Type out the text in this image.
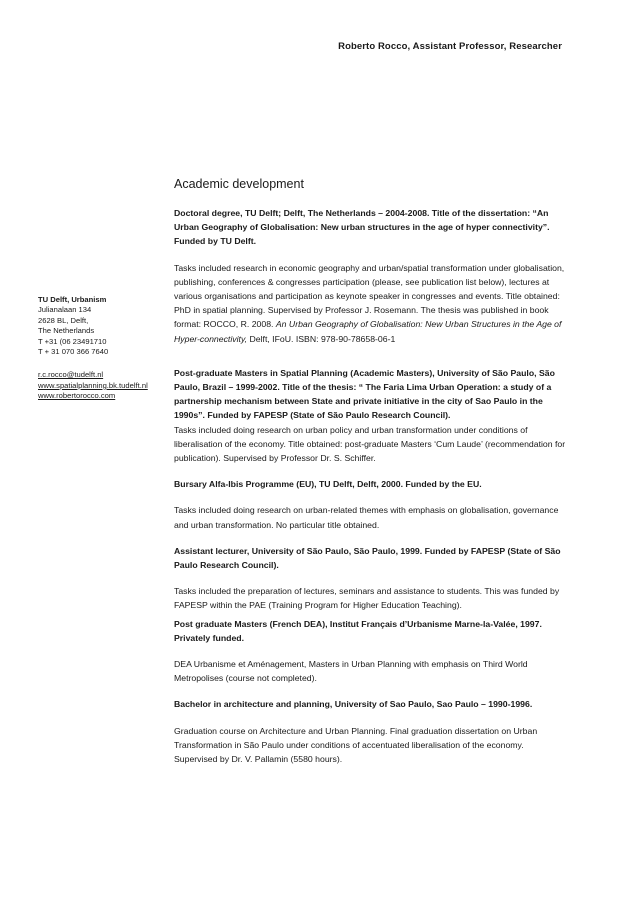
Roberto Rocco, Assistant Professor, Researcher
TU Delft, Urbanism
Julianalaan 134
2628 BL, Delft,
The Netherlands
T +31 (06 23491710
T + 31 070 366 7640
r.c.rocco@tudelft.nl
www.spatialplanning.bk.tudelft.nl
www.robertorocco.com
Academic development

Doctoral degree, TU Delft; Delft, The Netherlands – 2004-2008. Title of the dissertation: “An Urban Geography of Globalisation: New urban structures in the age of hyper connectivity”. Funded by TU Delft.

Tasks included research in economic geography and urban/spatial transformation under globalisation, publishing, conferences & congresses participation (please, see publication list below), lectures at various organisations and participation as keynote speaker in congresses and events. Title obtained: PhD in spatial planning. Supervised by Professor J. Rosemann. The thesis was published in book format: ROCCO, R. 2008. An Urban Geography of Globalisation: New Urban Structures in the Age of Hyper-connectivity, Delft, IFoU. ISBN: 978-90-78658-06-1

Post-graduate Masters in Spatial Planning (Academic Masters), University of São Paulo, São Paulo, Brazil – 1999-2002. Title of the thesis: “ The Faria Lima Urban Operation: a study of a partnership mechanism between State and private initiative in the city of Sao Paulo in the 1990s”. Funded by FAPESP (State of São Paulo Research Council).

Tasks included doing research on urban policy and urban transformation under conditions of liberalisation of the economy. Title obtained: post-graduate Masters ‘Cum Laude’ (recommendation for publication). Supervised by Professor Dr. S. Schiffer.

Bursary Alfa-Ibis Programme (EU), TU Delft, Delft, 2000. Funded by the EU.

Tasks included doing research on urban-related themes with emphasis on globalisation, governance and urban transformation. No particular title obtained.

Assistant lecturer, University of São Paulo, São Paulo, 1999. Funded by FAPESP (State of São Paulo Research Council).

Tasks included the preparation of lectures, seminars and assistance to students. This was funded by FAPESP within the PAE (Training Program for Higher Education Teaching).

Post graduate Masters (French DEA), Institut Français d’Urbanisme Marne-la-Valée, 1997. Privately funded.

DEA Urbanisme et Aménagement, Masters in Urban Planning with emphasis on Third World Metropolises (course not completed).

Bachelor in architecture and planning, University of Sao Paulo, Sao Paulo – 1990-1996.

Graduation course on Architecture and Urban Planning. Final graduation dissertation on Urban Transformation in São Paulo under conditions of accentuated liberalisation of the economy. Supervised by Dr. V. Pallamin (5580 hours).
